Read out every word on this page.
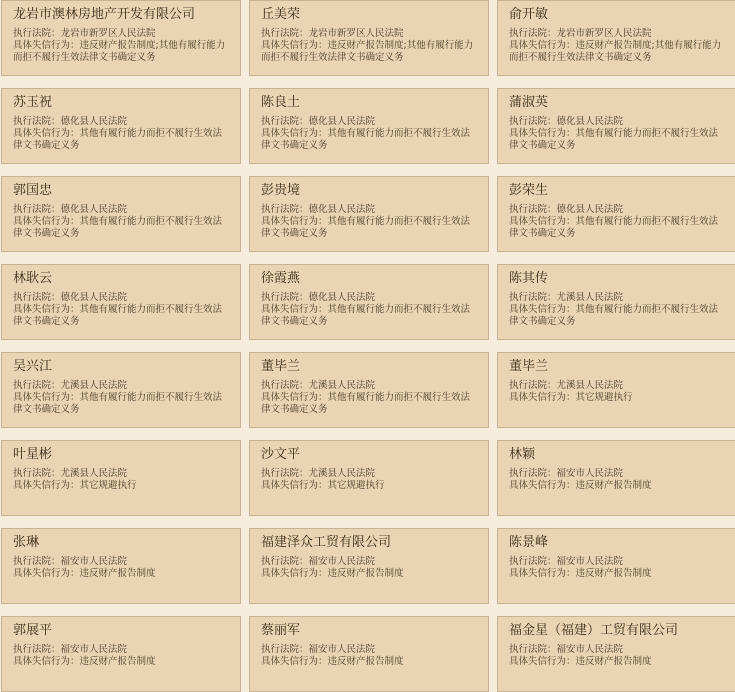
龙岩市澳林房地产开发有限公司

执行法院：龙岩市新罗区人民法院

具体失信行为：违反财产报告制度;其他有履行能力而拒不履行生效法律文书确定义务

丘美荣

执行法院：龙岩市新罗区人民法院

具体失信行为：违反财产报告制度;其他有履行能力而拒不履行生效法律文书确定义务

俞开敏

执行法院：龙岩市新罗区人民法院

具体失信行为：违反财产报告制度;其他有履行能力而拒不履行生效法律文书确定义务

苏玉祝

执行法院：德化县人民法院

具体失信行为：其他有履行能力而拒不履行生效法律文书确定义务

陈良土

执行法院：德化县人民法院

具体失信行为：其他有履行能力而拒不履行生效法律文书确定义务

蒲淑英

执行法院：德化县人民法院

具体失信行为：其他有履行能力而拒不履行生效法律文书确定义务

郭国忠

执行法院：德化县人民法院

具体失信行为：其他有履行能力而拒不履行生效法律文书确定义务

彭贵境

执行法院：德化县人民法院

具体失信行为：其他有履行能力而拒不履行生效法律文书确定义务

彭荣生

执行法院：德化县人民法院

具体失信行为：其他有履行能力而拒不履行生效法律文书确定义务

林耿云

执行法院：德化县人民法院

具体失信行为：其他有履行能力而拒不履行生效法律文书确定义务

徐霞燕

执行法院：德化县人民法院

具体失信行为：其他有履行能力而拒不履行生效法律文书确定义务

陈其传

执行法院：尤溪县人民法院

具体失信行为：其他有履行能力而拒不履行生效法律文书确定义务

吴兴江

执行法院：尤溪县人民法院

具体失信行为：其他有履行能力而拒不履行生效法律文书确定义务

董毕兰

执行法院：尤溪县人民法院

具体失信行为：其他有履行能力而拒不履行生效法律文书确定义务

董毕兰

执行法院：尤溪县人民法院

具体失信行为：其它规避执行

叶星彬

执行法院：尤溪县人民法院

具体失信行为：其它规避执行

沙文平

执行法院：尤溪县人民法院

具体失信行为：其它规避执行

林颖

执行法院：福安市人民法院

具体失信行为：违反财产报告制度

张琳

执行法院：福安市人民法院

具体失信行为：违反财产报告制度

福建泽众工贸有限公司

执行法院：福安市人民法院

具体失信行为：违反财产报告制度

陈景峰

执行法院：福安市人民法院

具体失信行为：违反财产报告制度

郭展平

执行法院：福安市人民法院

具体失信行为：违反财产报告制度

蔡丽军

执行法院：福安市人民法院

具体失信行为：违反财产报告制度

福金星（福建）工贸有限公司

执行法院：福安市人民法院

具体失信行为：违反财产报告制度
